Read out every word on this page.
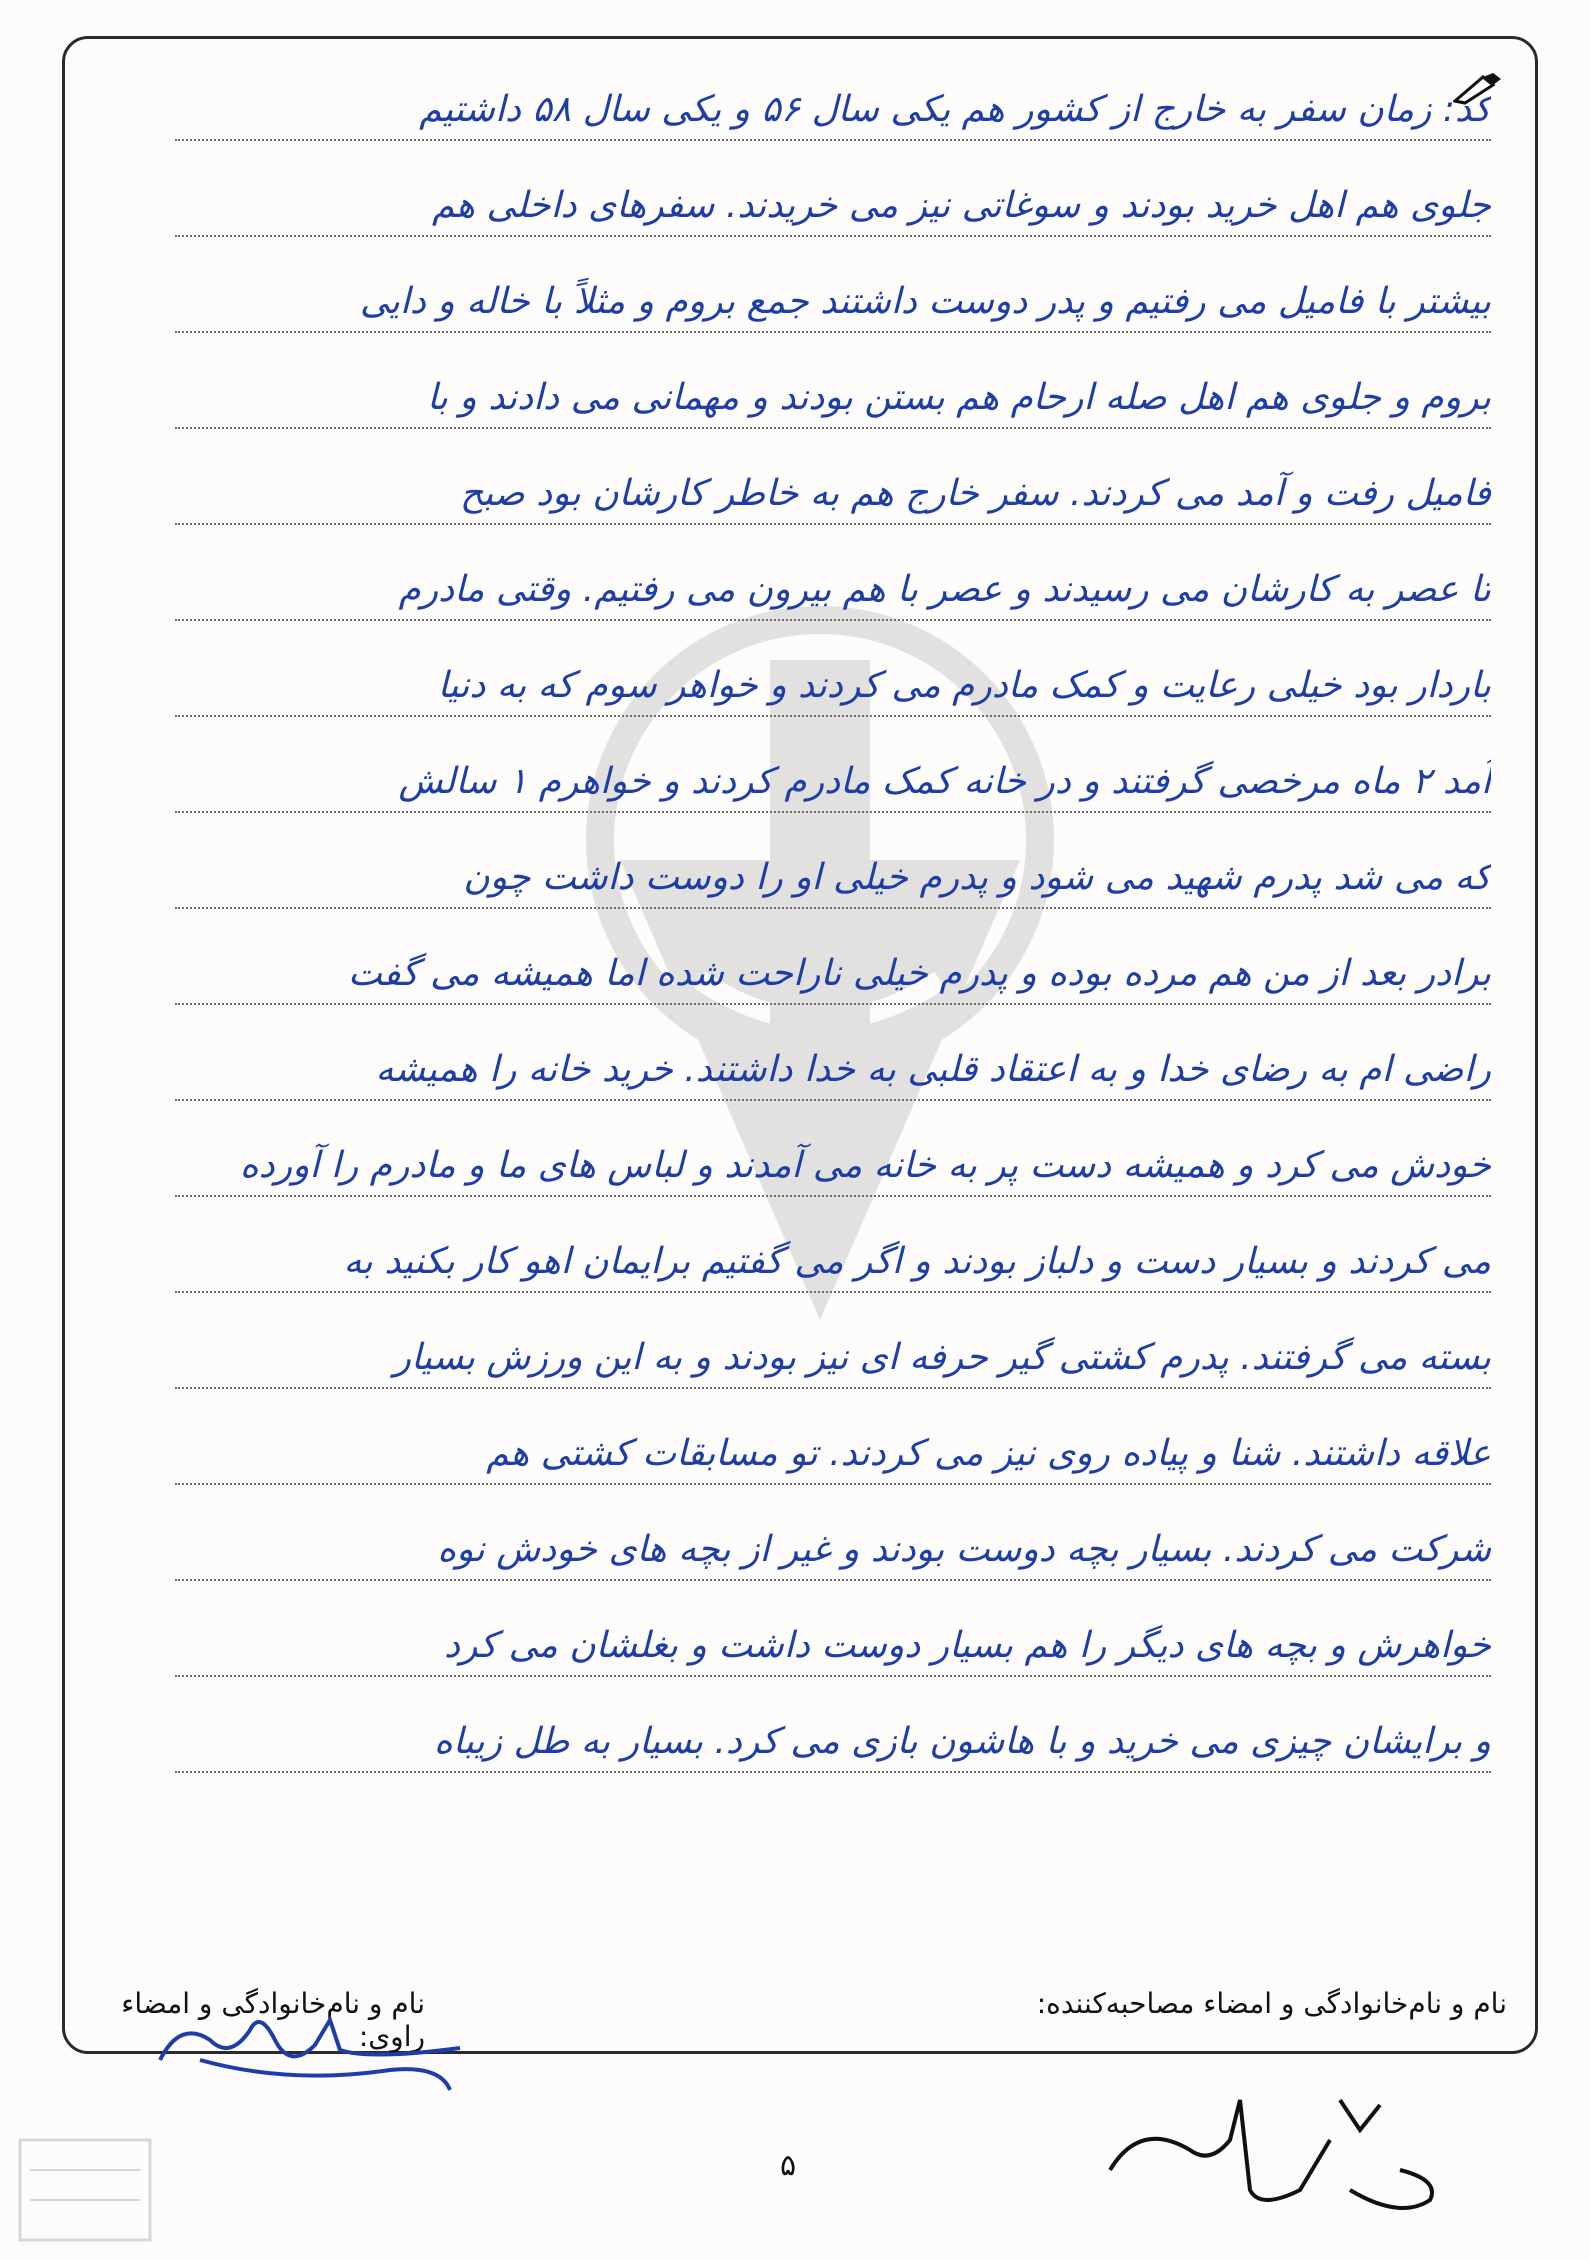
کد: زمان سفر به خارج از کشور هم یکی سال ۵۶ و یکی سال ۵۸ داشتیم
جلوی هم اهل خرید بودند و سوغاتی نیز می خریدند. سفرهای داخلی هم
بیشتر با فامیل می رفتیم و پدر دوست داشتند جمع بروم و مثلاً با خاله و دایی
بروم و جلوی هم اهل صله ارحام هم بستن بودند و مهمانی می دادند و با
فامیل رفت و آمد می کردند. سفر خارج هم به خاطر کارشان بود صبح
تا عصر به کارشان می رسیدند و عصر با هم بیرون می رفتیم. وقتی مادرم
باردار بود خیلی رعایت و کمک مادرم می کردند و خواهر سوم که به دنیا
آمد ۲ ماه مرخصی گرفتند و در خانه کمک مادرم کردند و خواهرم ۱ سالش
که می شد پدرم شهید می شود و پدرم خیلی او را دوست داشت چون
برادر بعد از من هم مرده بوده و پدرم خیلی ناراحت شده اما همیشه می گفت
راضی ام به رضای خدا و به اعتقاد قلبی به خدا داشتند. خرید خانه را همیشه
خودش می کرد و همیشه دست پر به خانه می آمدند و لباس های ما و مادرم را آورده
می کردند و بسیار دست و دلباز بودند و اگر می گفتیم برایمان اهو کار بکنید به
بسته می گرفتند. پدرم کشتی گیر حرفه ای نیز بودند و به این ورزش بسیار
علاقه داشتند. شنا و پیاده روی نیز می کردند. تو مسابقات کشتی هم
شرکت می کردند. بسیار بچه دوست بودند و غیر از بچه های خودش نوه
خواهرش و بچه های دیگر را هم بسیار دوست داشت و بغلشان می کرد
و برایشان چیزی می خرید و با هاشون بازی می کرد. بسیار به طل زیباه
نام و نام‌خانوادگی و امضاء مصاحبه‌کننده:
نام و نام‌خانوادگی و امضاء راوی:
۵
